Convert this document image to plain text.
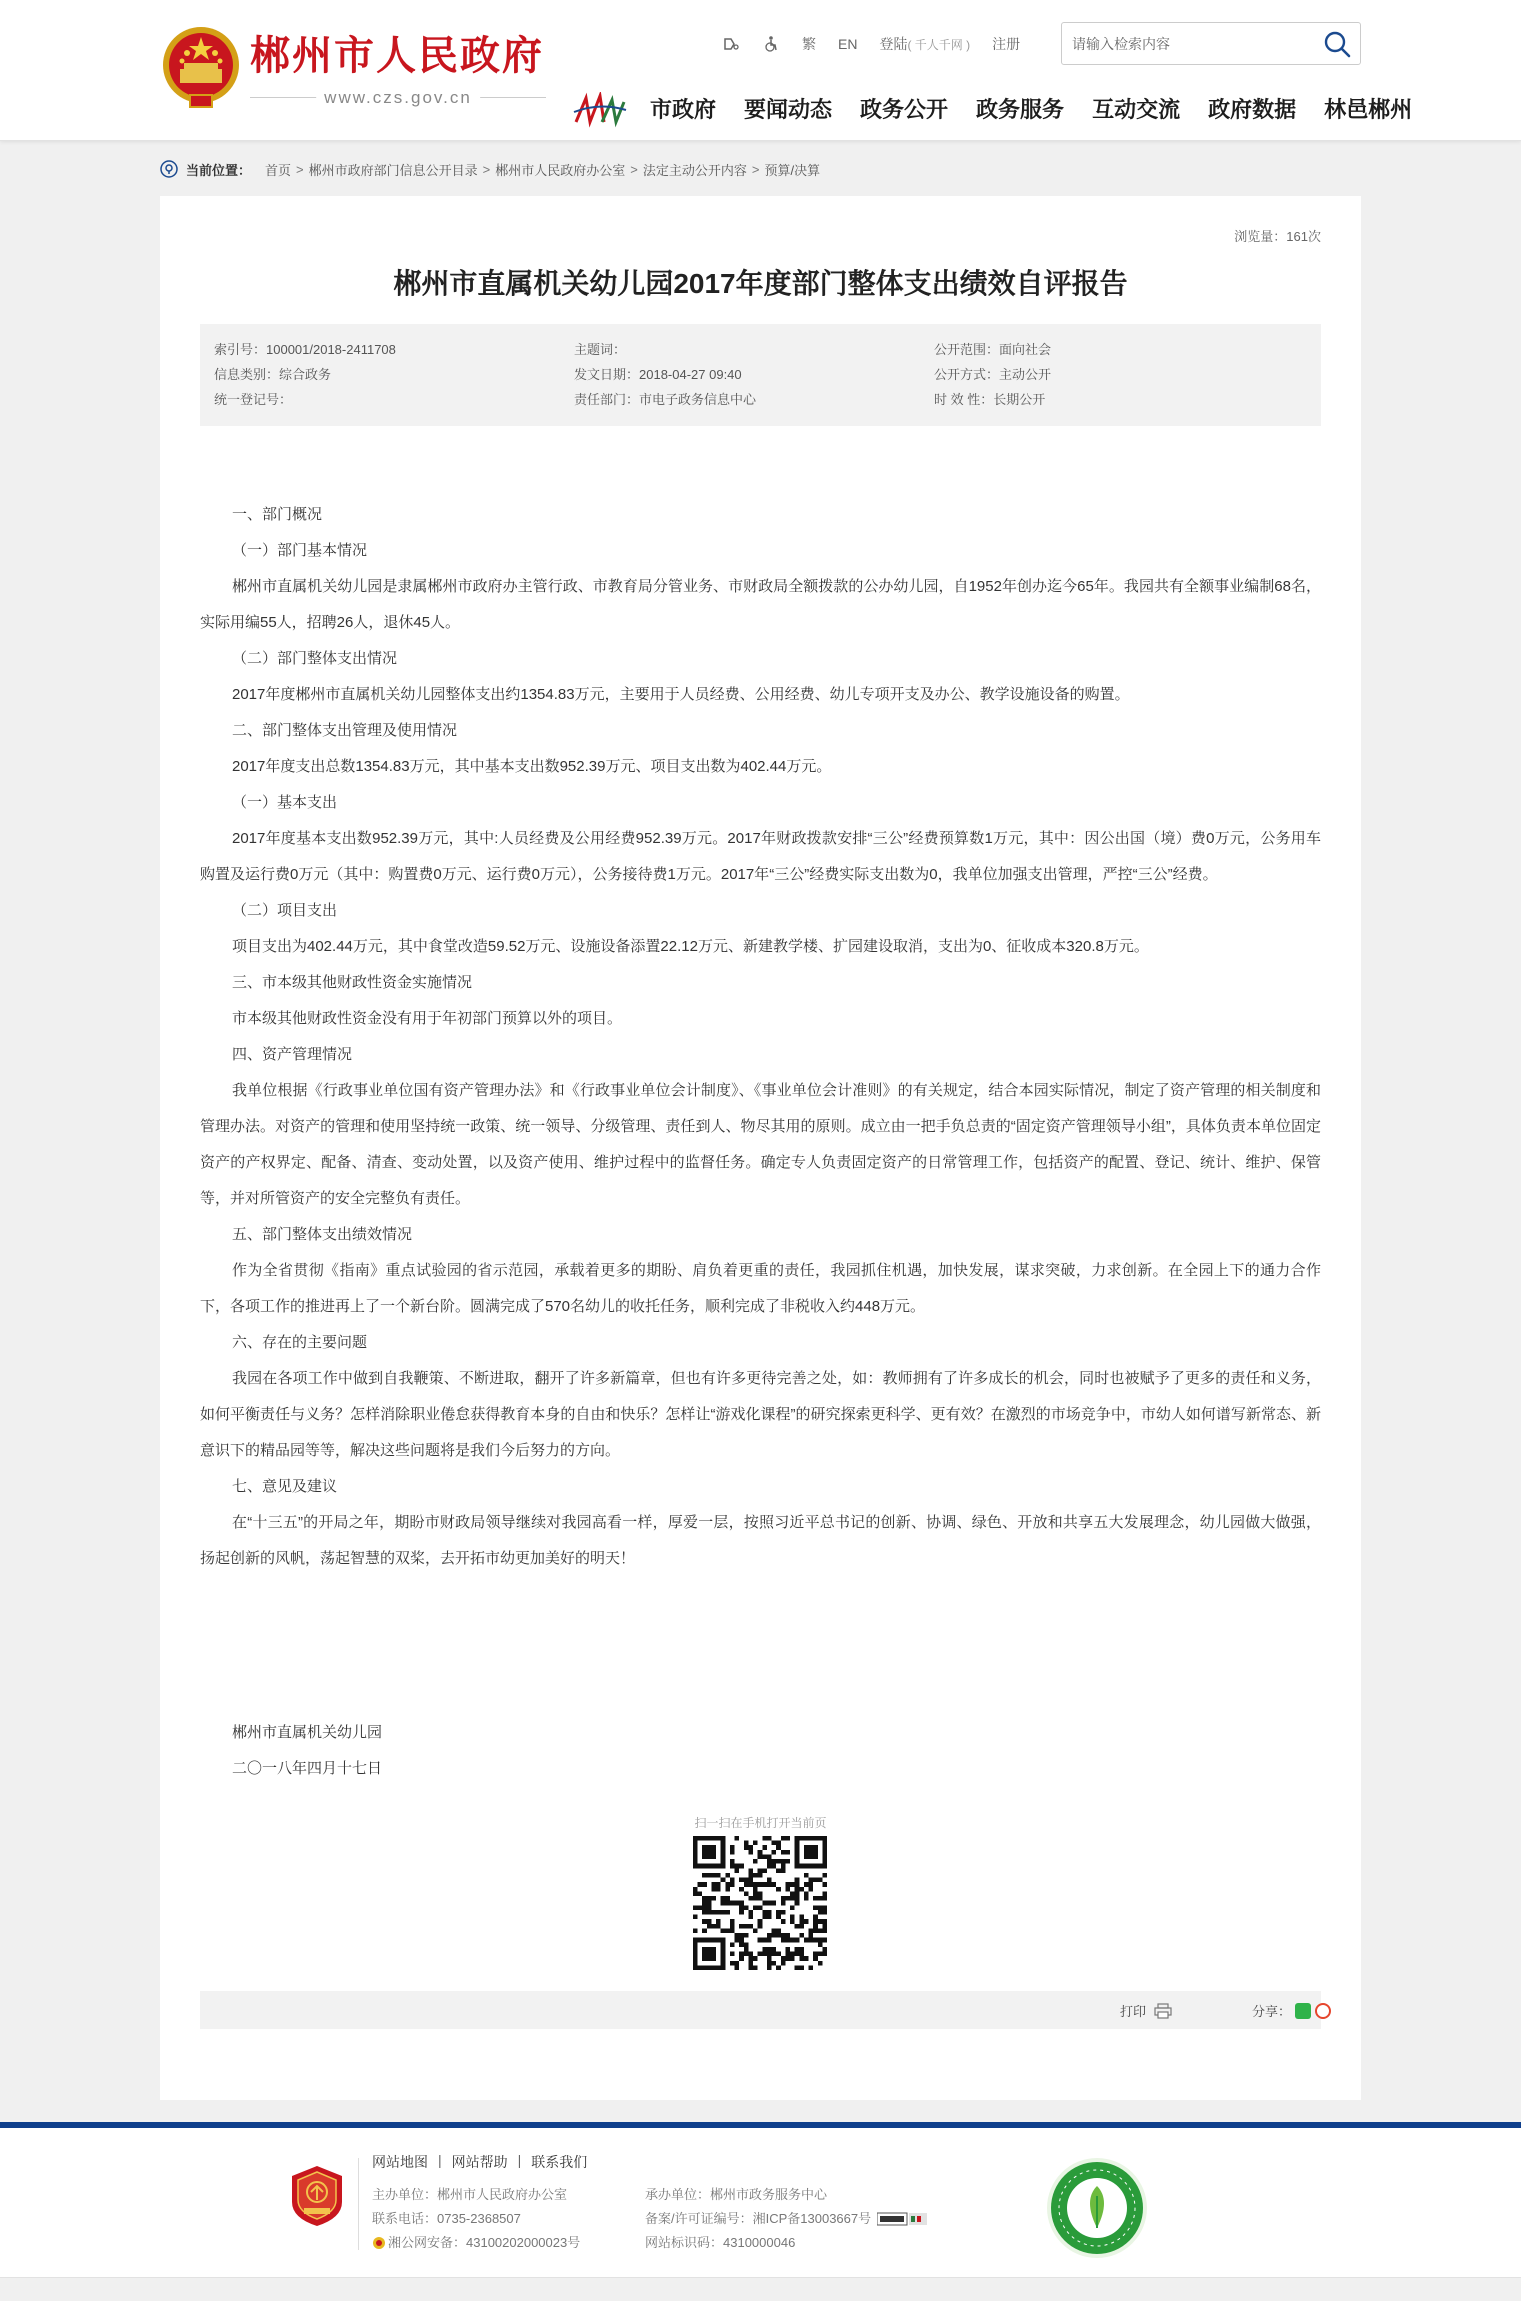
郴州市人民政府
www.czs.gov.cn
繁 EN 登陆 ( 千人千网 ) 注册
请输入检索内容
市政府 要闻动态 政务公开 政务服务 互动交流 政府数据 林邑郴州
当前位置： 首页 > 郴州市政府部门信息公开目录 > 郴州市人民政府办公室 > 法定主动公开内容 > 预算/决算
浏览量：161次
郴州市直属机关幼儿园2017年度部门整体支出绩效自评报告
索引号：100001/2018-2411708	主题词：	公开范围：面向社会
信息类别：综合政务	发文日期：2018-04-27 09:40	公开方式：主动公开
统一登记号：	责任部门：市电子政务信息中心	时 效 性：长期公开

一、部门概况

（一）部门基本情况

郴州市直属机关幼儿园是隶属郴州市政府办主管行政、市教育局分管业务、市财政局全额拨款的公办幼儿园，自1952年创办迄今65年。我园共有全额事业编制68名，实际用编55人，招聘26人，退休45人。

（二）部门整体支出情况

2017年度郴州市直属机关幼儿园整体支出约1354.83万元，主要用于人员经费、公用经费、幼儿专项开支及办公、教学设施设备的购置。

二、部门整体支出管理及使用情况

2017年度支出总数1354.83万元，其中基本支出数952.39万元、项目支出数为402.44万元。

（一）基本支出

2017年度基本支出数952.39万元，其中:人员经费及公用经费952.39万元。2017年财政拨款安排“三公”经费预算数1万元，其中：因公出国（境）费0万元，公务用车购置及运行费0万元（其中：购置费0万元、运行费0万元），公务接待费1万元。2017年“三公”经费实际支出数为0，我单位加强支出管理，严控“三公”经费。

（二）项目支出

项目支出为402.44万元，其中食堂改造59.52万元、设施设备添置22.12万元、新建教学楼、扩园建设取消，支出为0、征收成本320.8万元。

三、市本级其他财政性资金实施情况

市本级其他财政性资金没有用于年初部门预算以外的项目。

四、资产管理情况

我单位根据《行政事业单位国有资产管理办法》和《行政事业单位会计制度》、《事业单位会计准则》的有关规定，结合本园实际情况，制定了资产管理的相关制度和管理办法。对资产的管理和使用坚持统一政策、统一领导、分级管理、责任到人、物尽其用的原则。成立由一把手负总责的“固定资产管理领导小组”，具体负责本单位固定资产的产权界定、配备、清查、变动处置，以及资产使用、维护过程中的监督任务。确定专人负责固定资产的日常管理工作，包括资产的配置、登记、统计、维护、保管等，并对所管资产的安全完整负有责任。

五、部门整体支出绩效情况

作为全省贯彻《指南》重点试验园的省示范园，承载着更多的期盼、肩负着更重的责任，我园抓住机遇，加快发展，谋求突破，力求创新。在全园上下的通力合作下，各项工作的推进再上了一个新台阶。圆满完成了570名幼儿的收托任务，顺利完成了非税收入约448万元。

六、存在的主要问题

我园在各项工作中做到自我鞭策、不断进取，翻开了许多新篇章，但也有许多更待完善之处，如：教师拥有了许多成长的机会，同时也被赋予了更多的责任和义务，如何平衡责任与义务？怎样消除职业倦怠获得教育本身的自由和快乐？怎样让“游戏化课程”的研究探索更科学、更有效？在激烈的市场竞争中，市幼人如何谱写新常态、新意识下的精品园等等，解决这些问题将是我们今后努力的方向。

七、意见及建议

在“十三五”的开局之年，期盼市财政局领导继续对我园高看一样，厚爱一层，按照习近平总书记的创新、协调、绿色、开放和共享五大发展理念，幼儿园做大做强，扬起创新的风帆，荡起智慧的双桨，去开拓市幼更加美好的明天！

郴州市直属机关幼儿园

二〇一八年四月十七日

扫一扫在手机打开当前页
打印	分享：
网站地图 | 网站帮助 | 联系我们
主办单位：郴州市人民政府办公室
联系电话：0735-2368507
湘公网安备：43100202000023号
承办单位：郴州市政务服务中心
备案/许可证编号：湘ICP备13003667号
网站标识码：4310000046
